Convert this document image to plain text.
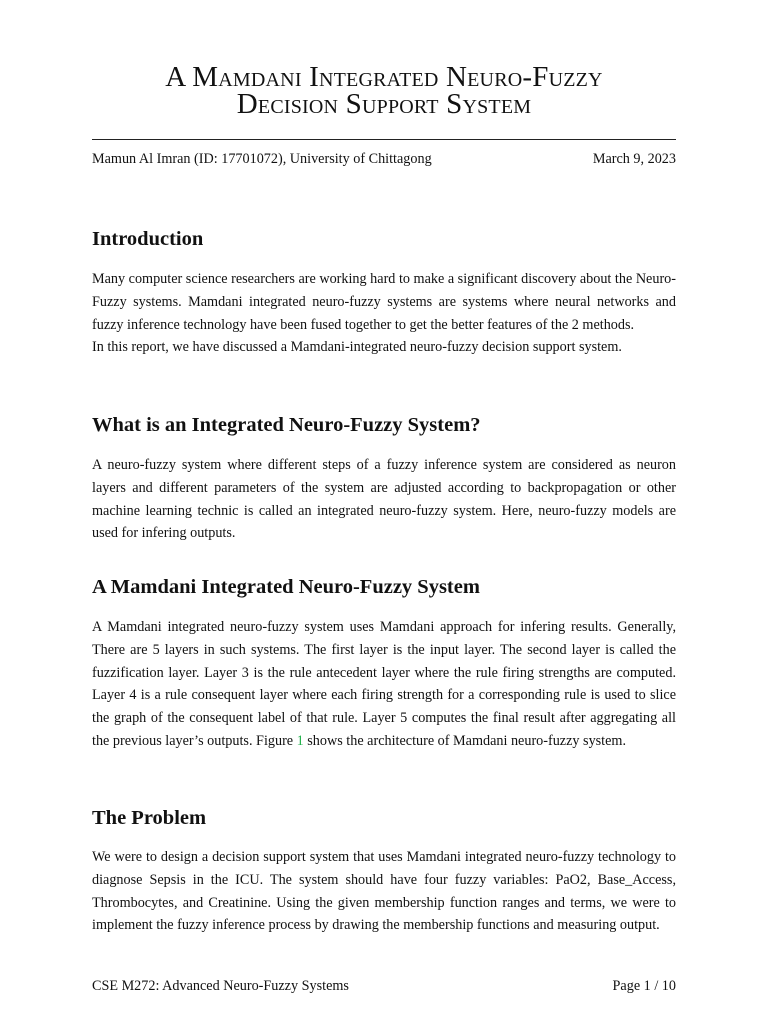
A Mamdani Integrated Neuro-Fuzzy
Decision Support System
Mamun Al Imran (ID: 17701072), University of Chittagong	March 9, 2023
Introduction

Many computer science researchers are working hard to make a significant discovery about the Neuro-Fuzzy systems. Mamdani integrated neuro-fuzzy systems are systems where neural networks and fuzzy inference technology have been fused together to get the better features of the 2 methods.

In this report, we have discussed a Mamdani-integrated neuro-fuzzy decision support system.

What is an Integrated Neuro-Fuzzy System?

A neuro-fuzzy system where different steps of a fuzzy inference system are considered as neuron layers and different parameters of the system are adjusted according to backpropagation or other machine learning technic is called an integrated neuro-fuzzy system. Here, neuro-fuzzy models are used for infering outputs.

A Mamdani Integrated Neuro-Fuzzy System

A Mamdani integrated neuro-fuzzy system uses Mamdani approach for infering results. Generally, There are 5 layers in such systems. The first layer is the input layer. The second layer is called the fuzzification layer. Layer 3 is the rule antecedent layer where the rule firing strengths are computed. Layer 4 is a rule consequent layer where each firing strength for a corresponding rule is used to slice the graph of the consequent label of that rule. Layer 5 computes the final result after aggregating all the previous layer’s outputs. Figure 1 shows the architecture of Mamdani neuro-fuzzy system.

The Problem

We were to design a decision support system that uses Mamdani integrated neuro-fuzzy technology to diagnose Sepsis in the ICU. The system should have four fuzzy variables: PaO2, Base_Access, Thrombocytes, and Creatinine. Using the given membership function ranges and terms, we were to implement the fuzzy inference process by drawing the membership functions and measuring output.

CSE M272: Advanced Neuro-Fuzzy Systems	Page 1 / 10
